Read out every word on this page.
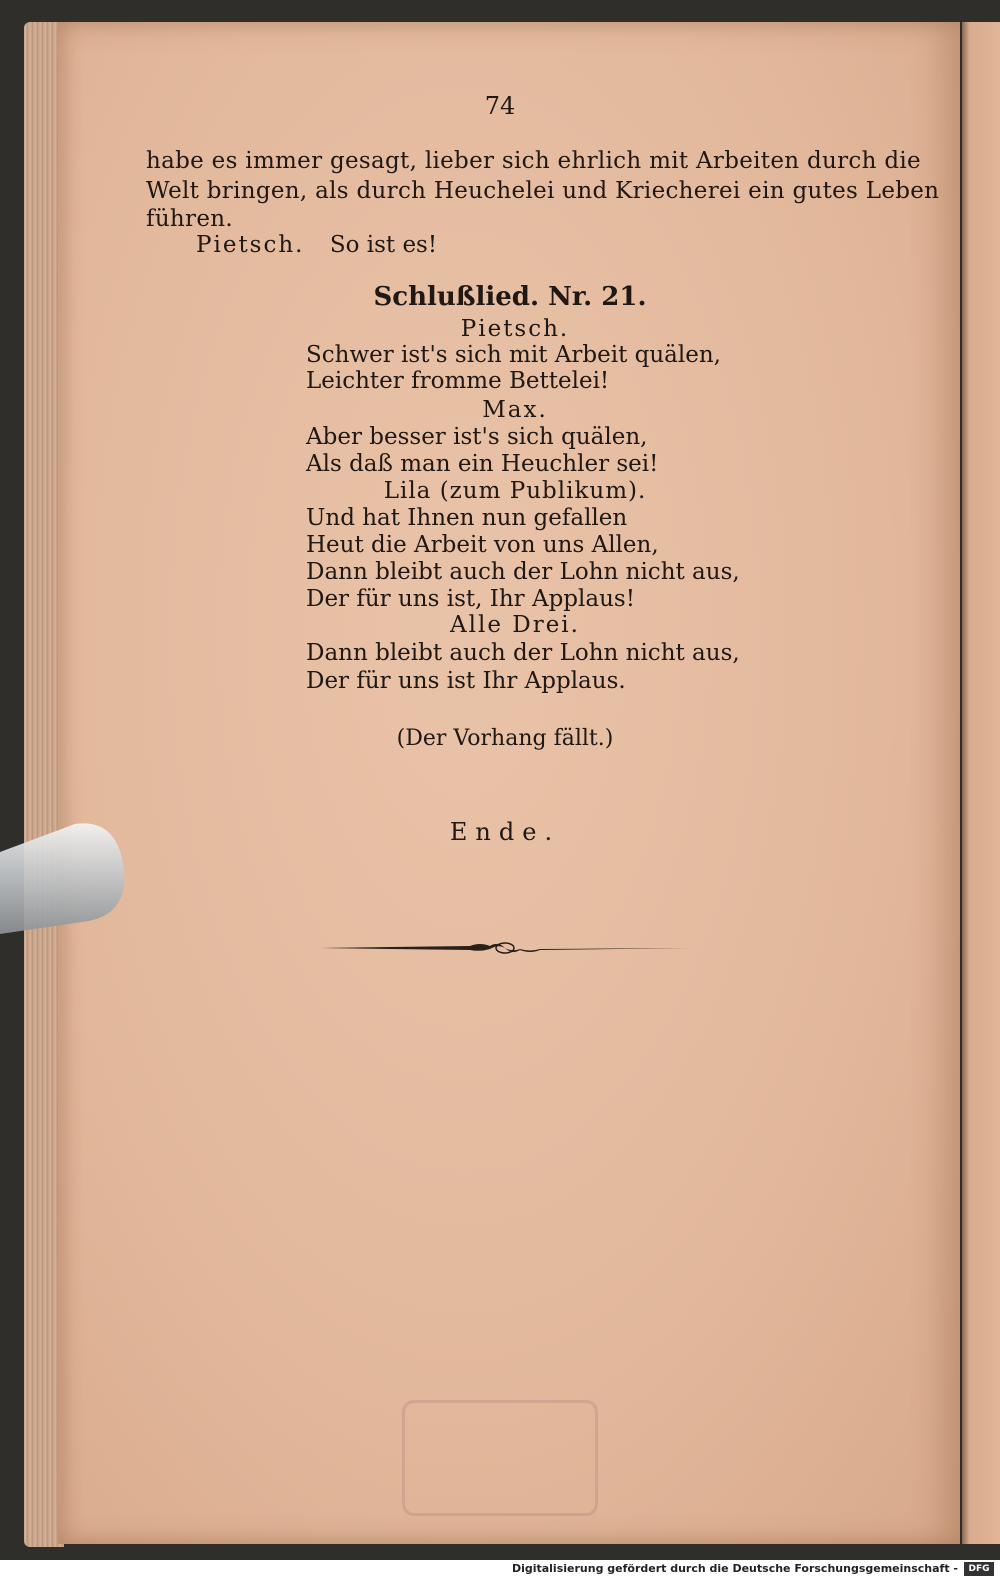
74
habe es immer gesagt, lieber sich ehrlich mit Arbeiten durch die
Welt bringen, als durch Heuchelei und Kriecherei ein gutes Leben
führen.
Pietsch. So ist es!
Schlußlied. Nr. 21.
Pietsch.
Schwer ist's sich mit Arbeit quälen,
Leichter fromme Bettelei!
Max.
Aber besser ist's sich quälen,
Als daß man ein Heuchler sei!
Lila (zum Publikum).
Und hat Ihnen nun gefallen
Heut die Arbeit von uns Allen,
Dann bleibt auch der Lohn nicht aus,
Der für uns ist, Ihr Applaus!
Alle Drei.
Dann bleibt auch der Lohn nicht aus,
Der für uns ist Ihr Applaus.
(Der Vorhang fällt.)
Ende.
Digitalisierung gefördert durch die Deutsche Forschungsgemeinschaft -	DFG
